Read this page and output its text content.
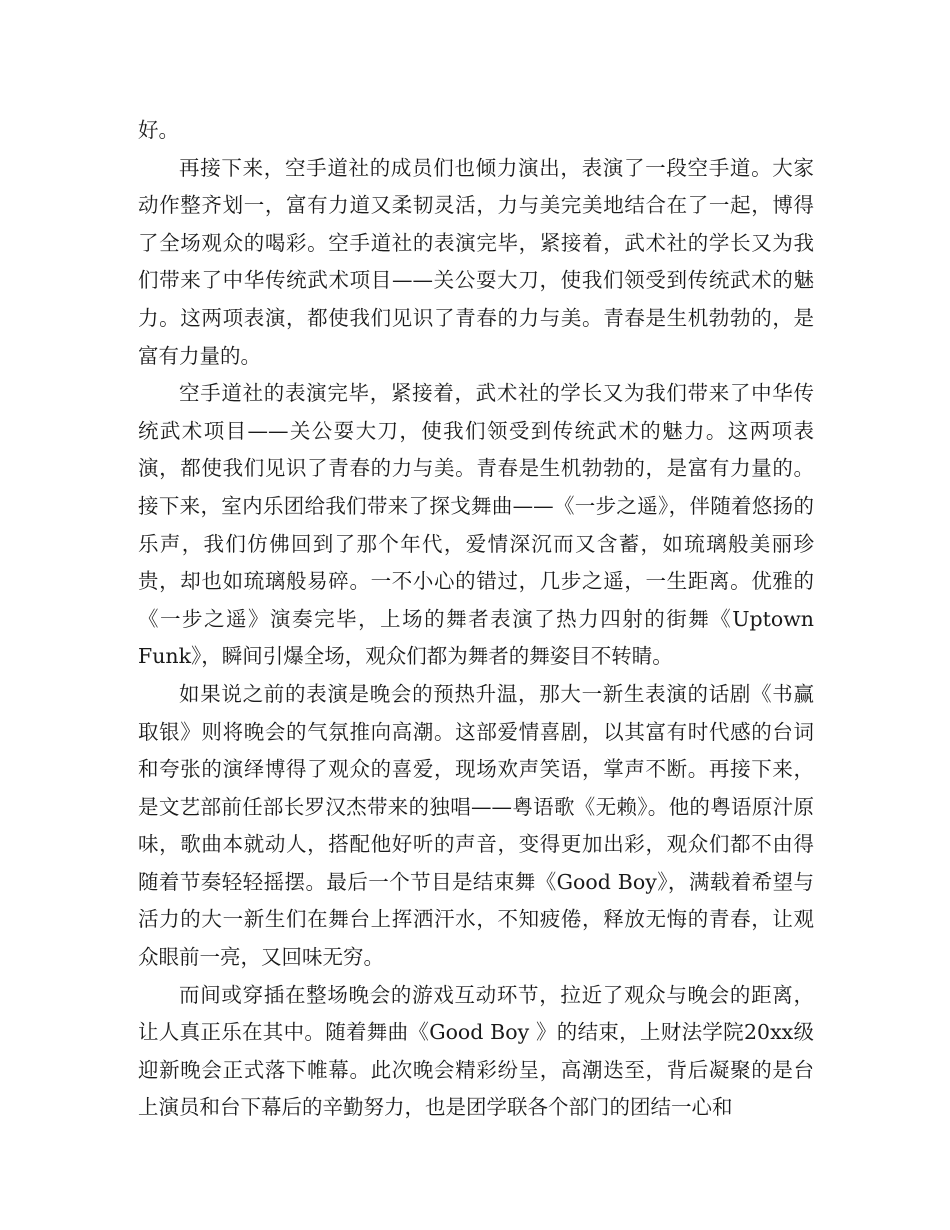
好。

再接下来，空手道社的成员们也倾力演出，表演了一段空手道。大家动作整齐划一，富有力道又柔韧灵活，力与美完美地结合在了一起，博得了全场观众的喝彩。空手道社的表演完毕，紧接着，武术社的学长又为我们带来了中华传统武术项目——关公耍大刀，使我们领受到传统武术的魅力。这两项表演，都使我们见识了青春的力与美。青春是生机勃勃的，是富有力量的。

空手道社的表演完毕，紧接着，武术社的学长又为我们带来了中华传统武术项目——关公耍大刀，使我们领受到传统武术的魅力。这两项表演，都使我们见识了青春的力与美。青春是生机勃勃的，是富有力量的。接下来，室内乐团给我们带来了探戈舞曲——《一步之遥》，伴随着悠扬的乐声，我们仿佛回到了那个年代，爱情深沉而又含蓄，如琉璃般美丽珍贵，却也如琉璃般易碎。一不小心的错过，几步之遥，一生距离。优雅的《一步之遥》演奏完毕，上场的舞者表演了热力四射的街舞《Uptown Funk》，瞬间引爆全场，观众们都为舞者的舞姿目不转睛。

如果说之前的表演是晚会的预热升温，那大一新生表演的话剧《书赢取银》则将晚会的气氛推向高潮。这部爱情喜剧，以其富有时代感的台词和夸张的演绎博得了观众的喜爱，现场欢声笑语，掌声不断。再接下来，是文艺部前任部长罗汉杰带来的独唱——粤语歌《无赖》。他的粤语原汁原味，歌曲本就动人，搭配他好听的声音，变得更加出彩，观众们都不由得随着节奏轻轻摇摆。最后一个节目是结束舞《Good Boy》，满载着希望与活力的大一新生们在舞台上挥洒汗水，不知疲倦，释放无悔的青春，让观众眼前一亮，又回味无穷。

而间或穿插在整场晚会的游戏互动环节，拉近了观众与晚会的距离，让人真正乐在其中。随着舞曲《Good Boy 》的结束，上财法学院20xx级迎新晚会正式落下帷幕。此次晚会精彩纷呈，高潮迭至，背后凝聚的是台上演员和台下幕后的辛勤努力，也是团学联各个部门的团结一心和
